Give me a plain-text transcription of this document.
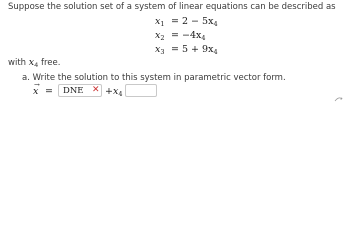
Suppose the solution set of a system of linear equations can be described as
$x_1 = 2 - 5x_4$
$x_2 = -4x_4$
$x_3 = 5 + 9x_4$
with $x_4$ free.
a. Write the solution to this system in parametric vector form.
→
x = DNE ✕ $+x_4$
